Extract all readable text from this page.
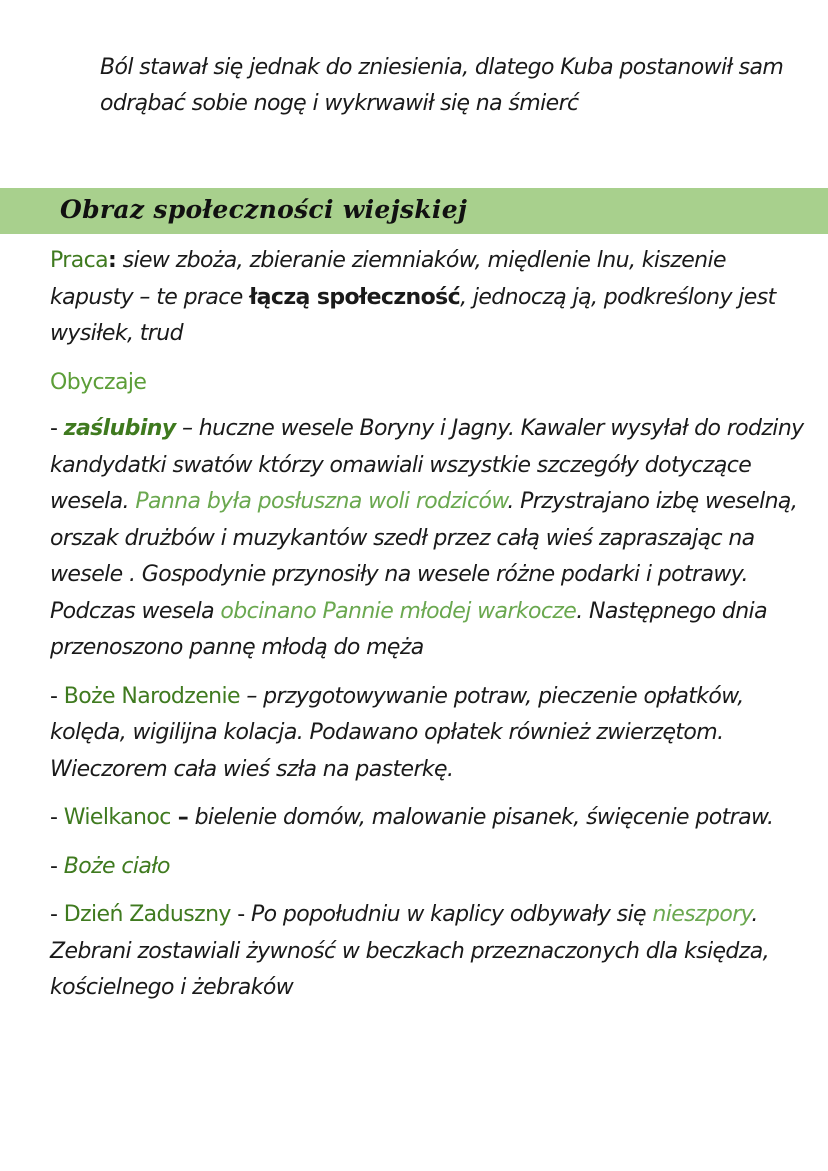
Ból stawał się jednak do zniesienia, dlatego Kuba postanowił sam odrąbać sobie nogę i wykrwawił się na śmierć
Obraz społeczności wiejskiej

Praca: siew zboża, zbieranie ziemniaków, międlenie lnu, kiszenie kapusty – te prace łączą społeczność, jednoczą ją, podkreślony jest wysiłek, trud

Obyczaje

- zaślubiny – huczne wesele Boryny i Jagny. Kawaler wysyłał do rodziny kandydatki swatów którzy omawiali wszystkie szczegóły dotyczące wesela. Panna była posłuszna woli rodziców. Przystrajano izbę weselną, orszak drużbów i muzykantów szedł przez całą wieś zapraszając na wesele . Gospodynie przynosiły na wesele różne podarki i potrawy. Podczas wesela obcinano Pannie młodej warkocze. Następnego dnia przenoszono pannę młodą do męża

- Boże Narodzenie – przygotowywanie potraw, pieczenie opłatków, kolęda, wigilijna kolacja. Podawano opłatek również zwierzętom. Wieczorem cała wieś szła na pasterkę.

- Wielkanoc – bielenie domów, malowanie pisanek, święcenie potraw.

- Boże ciało

- Dzień Zaduszny - Po popołudniu w kaplicy odbywały się nieszpory. Zebrani zostawiali żywność w beczkach przeznaczonych dla księdza, kościelnego i żebraków
